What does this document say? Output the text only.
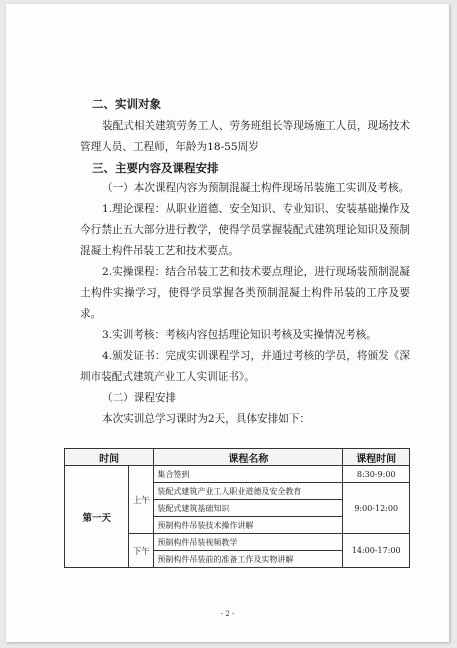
二、实训对象

装配式相关建筑劳务工人、劳务班组长等现场施工人员，现场技术管理人员、工程师，年龄为18-55周岁

三、主要内容及课程安排

（一）本次课程内容为预制混凝土构件现场吊装施工实训及考核。

1.理论课程：从职业道德、安全知识、专业知识、安装基础操作及今行禁止五大部分进行教学，使得学员掌握装配式建筑理论知识及预制混凝土构件吊装工艺和技术要点。

2.实操课程：结合吊装工艺和技术要点理论，进行现场装预制混凝土构件实操学习，使得学员掌握各类预制混凝土构件吊装的工序及要求。

3.实训考核：考核内容包括理论知识考核及实操情况考核。

4.颁发证书：完成实训课程学习，并通过考核的学员，将颁发《深圳市装配式建筑产业工人实训证书》。

（二）课程安排

本次实训总学习课时为2天，具体安排如下：

时间		课程名称	课程时间
第一天	上午	集合签到	8:30-9:00
		装配式建筑产业工人职业道德及安全教育	9:00-12:00
		装配式建筑基础知识	
		预制构件吊装技术操作讲解	
	下午	预制构件吊装视频教学	14:00-17:00
		预制构件吊装前的准备工作及实物讲解	
- 2 -
